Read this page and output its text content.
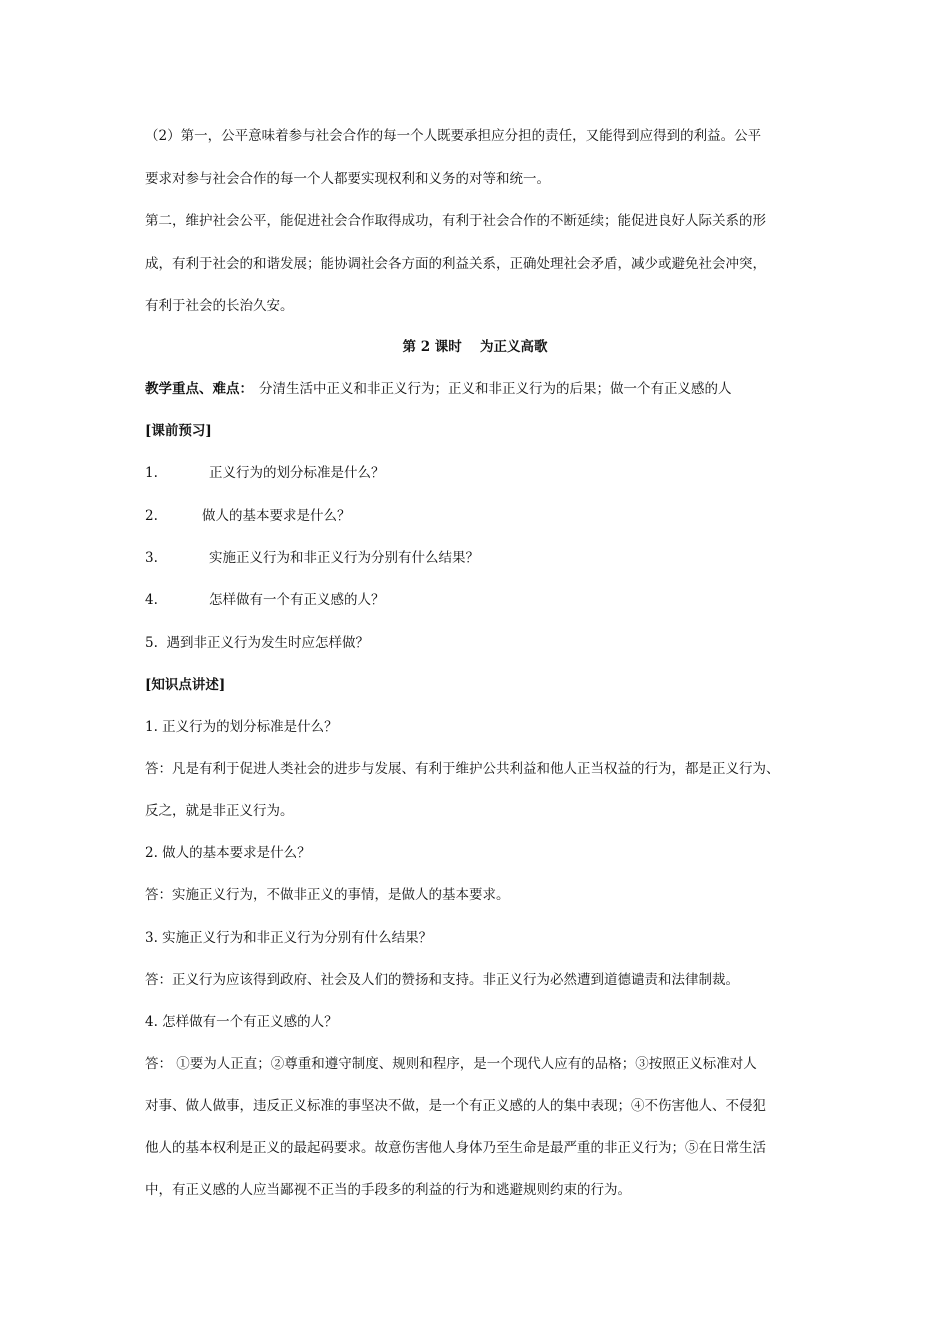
（2）第一，公平意味着参与社会合作的每一个人既要承担应分担的责任，又能得到应得到的利益。公平
要求对参与社会合作的每一个人都要实现权利和义务的对等和统一。
第二，维护社会公平，能促进社会合作取得成功，有利于社会合作的不断延续；能促进良好人际关系的形
成，有利于社会的和谐发展；能协调社会各方面的利益关系，正确处理社会矛盾，减少或避免社会冲突，
有利于社会的长治久安。
第 2 课时　 为正义高歌
教学重点、难点： 分清生活中正义和非正义行为；正义和非正义行为的后果；做一个有正义感的人
[课前预习]
1.	正义行为的划分标准是什么？
2.	做人的基本要求是什么？
3.	实施正义行为和非正义行为分别有什么结果？
4.	怎样做有一个有正义感的人？
5. 遇到非正义行为发生时应怎样做？
[知识点讲述]
1. 正义行为的划分标准是什么？
答：凡是有利于促进人类社会的进步与发展、有利于维护公共利益和他人正当权益的行为，都是正义行为、
反之，就是非正义行为。
2. 做人的基本要求是什么？
答：实施正义行为，不做非正义的事情，是做人的基本要求。
3. 实施正义行为和非正义行为分别有什么结果？
答：正义行为应该得到政府、社会及人们的赞扬和支持。非正义行为必然遭到道德谴责和法律制裁。
4. 怎样做有一个有正义感的人？
答： ①要为人正直；②尊重和遵守制度、规则和程序，是一个现代人应有的品格；③按照正义标准对人
对事、做人做事，违反正义标准的事坚决不做，是一个有正义感的人的集中表现；④不伤害他人、不侵犯
他人的基本权利是正义的最起码要求。故意伤害他人身体乃至生命是最严重的非正义行为；⑤在日常生活
中，有正义感的人应当鄙视不正当的手段多的利益的行为和逃避规则约束的行为。
